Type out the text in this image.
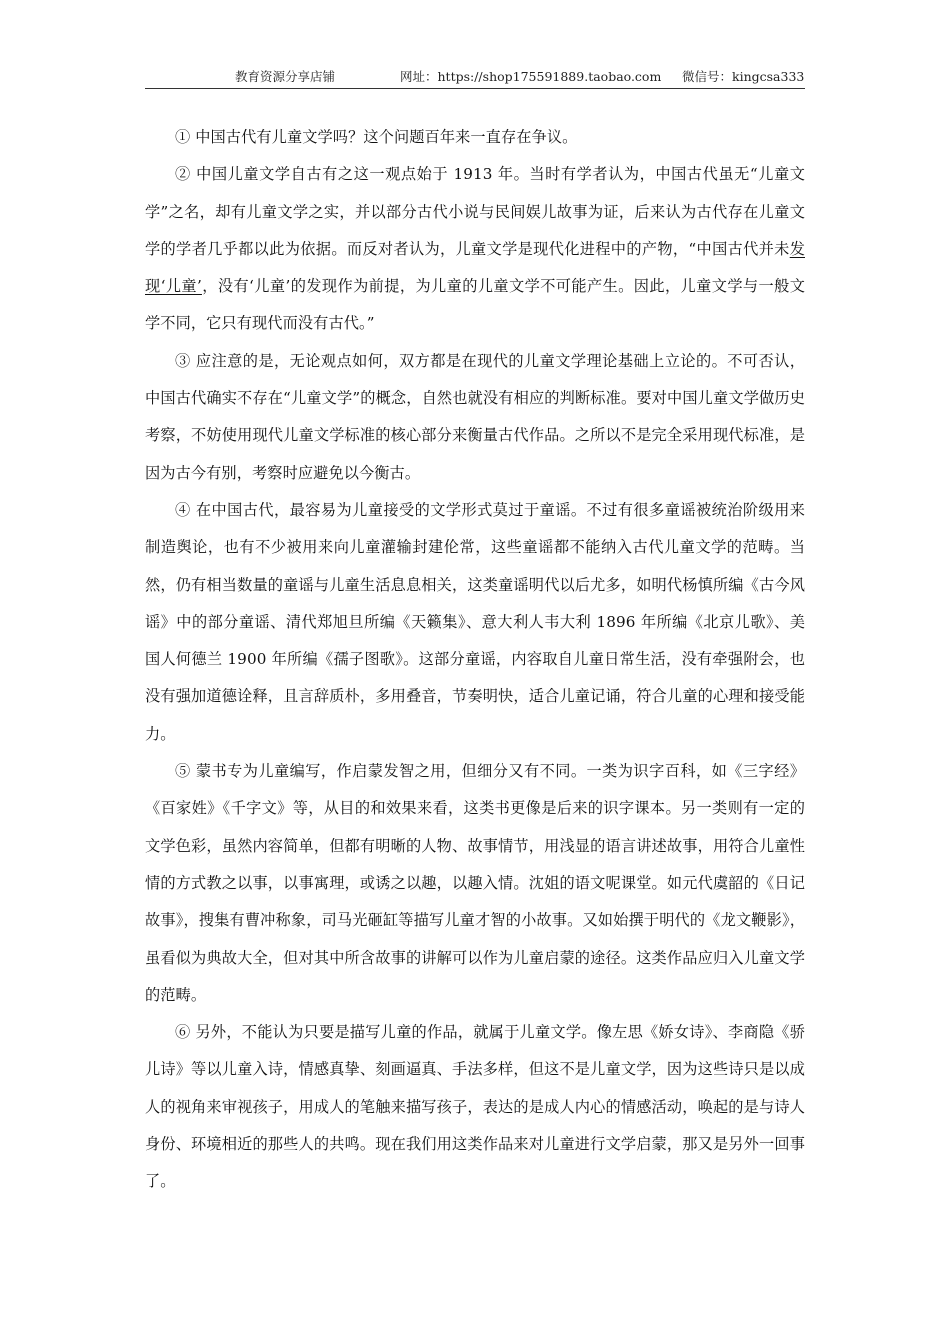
教育资源分享店铺	网址：https://shop175591889.taobao.com 微信号：kingcsa333

① 中国古代有儿童文学吗？这个问题百年来一直存在争议。

② 中国儿童文学自古有之这一观点始于 1913 年。当时有学者认为，中国古代虽无“儿童文学”之名，却有儿童文学之实，并以部分古代小说与民间娱儿故事为证，后来认为古代存在儿童文学的学者几乎都以此为依据。而反对者认为，儿童文学是现代化进程中的产物，“中国古代并未发现‘儿童’，没有‘儿童’的发现作为前提，为儿童的儿童文学不可能产生。因此，儿童文学与一般文学不同，它只有现代而没有古代。”

③ 应注意的是，无论观点如何，双方都是在现代的儿童文学理论基础上立论的。不可否认，中国古代确实不存在“儿童文学”的概念，自然也就没有相应的判断标准。要对中国儿童文学做历史考察，不妨使用现代儿童文学标准的核心部分来衡量古代作品。之所以不是完全采用现代标准，是因为古今有别，考察时应避免以今衡古。

④ 在中国古代，最容易为儿童接受的文学形式莫过于童谣。不过有很多童谣被统治阶级用来制造舆论，也有不少被用来向儿童灌输封建伦常，这些童谣都不能纳入古代儿童文学的范畴。当然，仍有相当数量的童谣与儿童生活息息相关，这类童谣明代以后尤多，如明代杨慎所编《古今风谣》中的部分童谣、清代郑旭旦所编《天籁集》、意大利人韦大利 1896 年所编《北京儿歌》、美国人何德兰 1900 年所编《孺子图歌》。这部分童谣，内容取自儿童日常生活，没有牵强附会，也没有强加道德诠释，且言辞质朴，多用叠音，节奏明快，适合儿童记诵，符合儿童的心理和接受能力。

⑤ 蒙书专为儿童编写，作启蒙发智之用，但细分又有不同。一类为识字百科，如《三字经》《百家姓》《千字文》等，从目的和效果来看，这类书更像是后来的识字课本。另一类则有一定的文学色彩，虽然内容简单，但都有明晰的人物、故事情节，用浅显的语言讲述故事，用符合儿童性情的方式教之以事，以事寓理，或诱之以趣，以趣入情。沈姐的语文呢课堂。如元代虞韶的《日记故事》，搜集有曹冲称象，司马光砸缸等描写儿童才智的小故事。又如始撰于明代的《龙文鞭影》，虽看似为典故大全，但对其中所含故事的讲解可以作为儿童启蒙的途径。这类作品应归入儿童文学的范畴。

⑥ 另外，不能认为只要是描写儿童的作品，就属于儿童文学。像左思《娇女诗》、李商隐《骄儿诗》等以儿童入诗，情感真挚、刻画逼真、手法多样，但这不是儿童文学，因为这些诗只是以成人的视角来审视孩子，用成人的笔触来描写孩子，表达的是成人内心的情感活动，唤起的是与诗人身份、环境相近的那些人的共鸣。现在我们用这类作品来对儿童进行文学启蒙，那又是另外一回事了。
